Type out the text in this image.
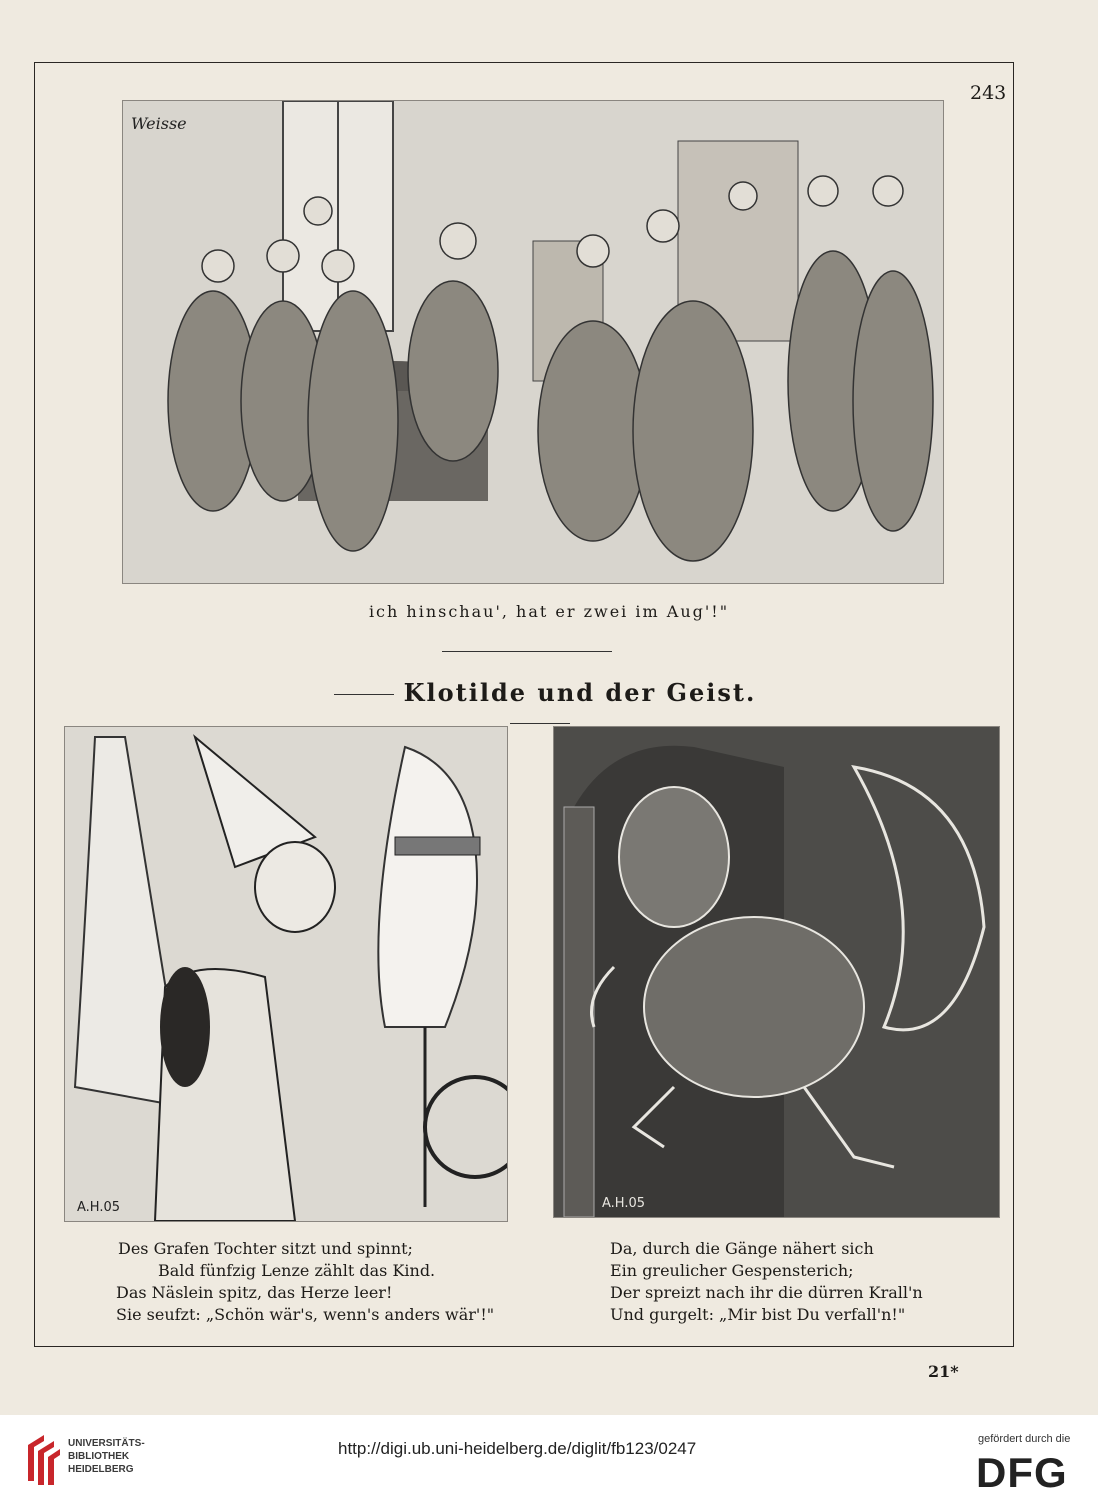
243
Weisse
ich hinschau', hat er zwei im Aug'!"
Klotilde und der Geist.
A.H.05	A.H.05
Des Grafen Tochter sitzt und spinnt;
Bald fünfzig Lenze zählt das Kind.
Das Näslein spitz, das Herze leer!
Sie seufzt: „Schön wär's, wenn's anders wär'!"
Da, durch die Gänge nähert sich
Ein greulicher Gespensterich;
Der spreizt nach ihr die dürren Krall'n
Und gurgelt: „Mir bist Du verfall'n!"
21*
UNIVERSITÄTS-
BIBLIOTHEK
HEIDELBERG
http://digi.ub.uni-heidelberg.de/diglit/fb123/0247	gefördert durch die
DFG
